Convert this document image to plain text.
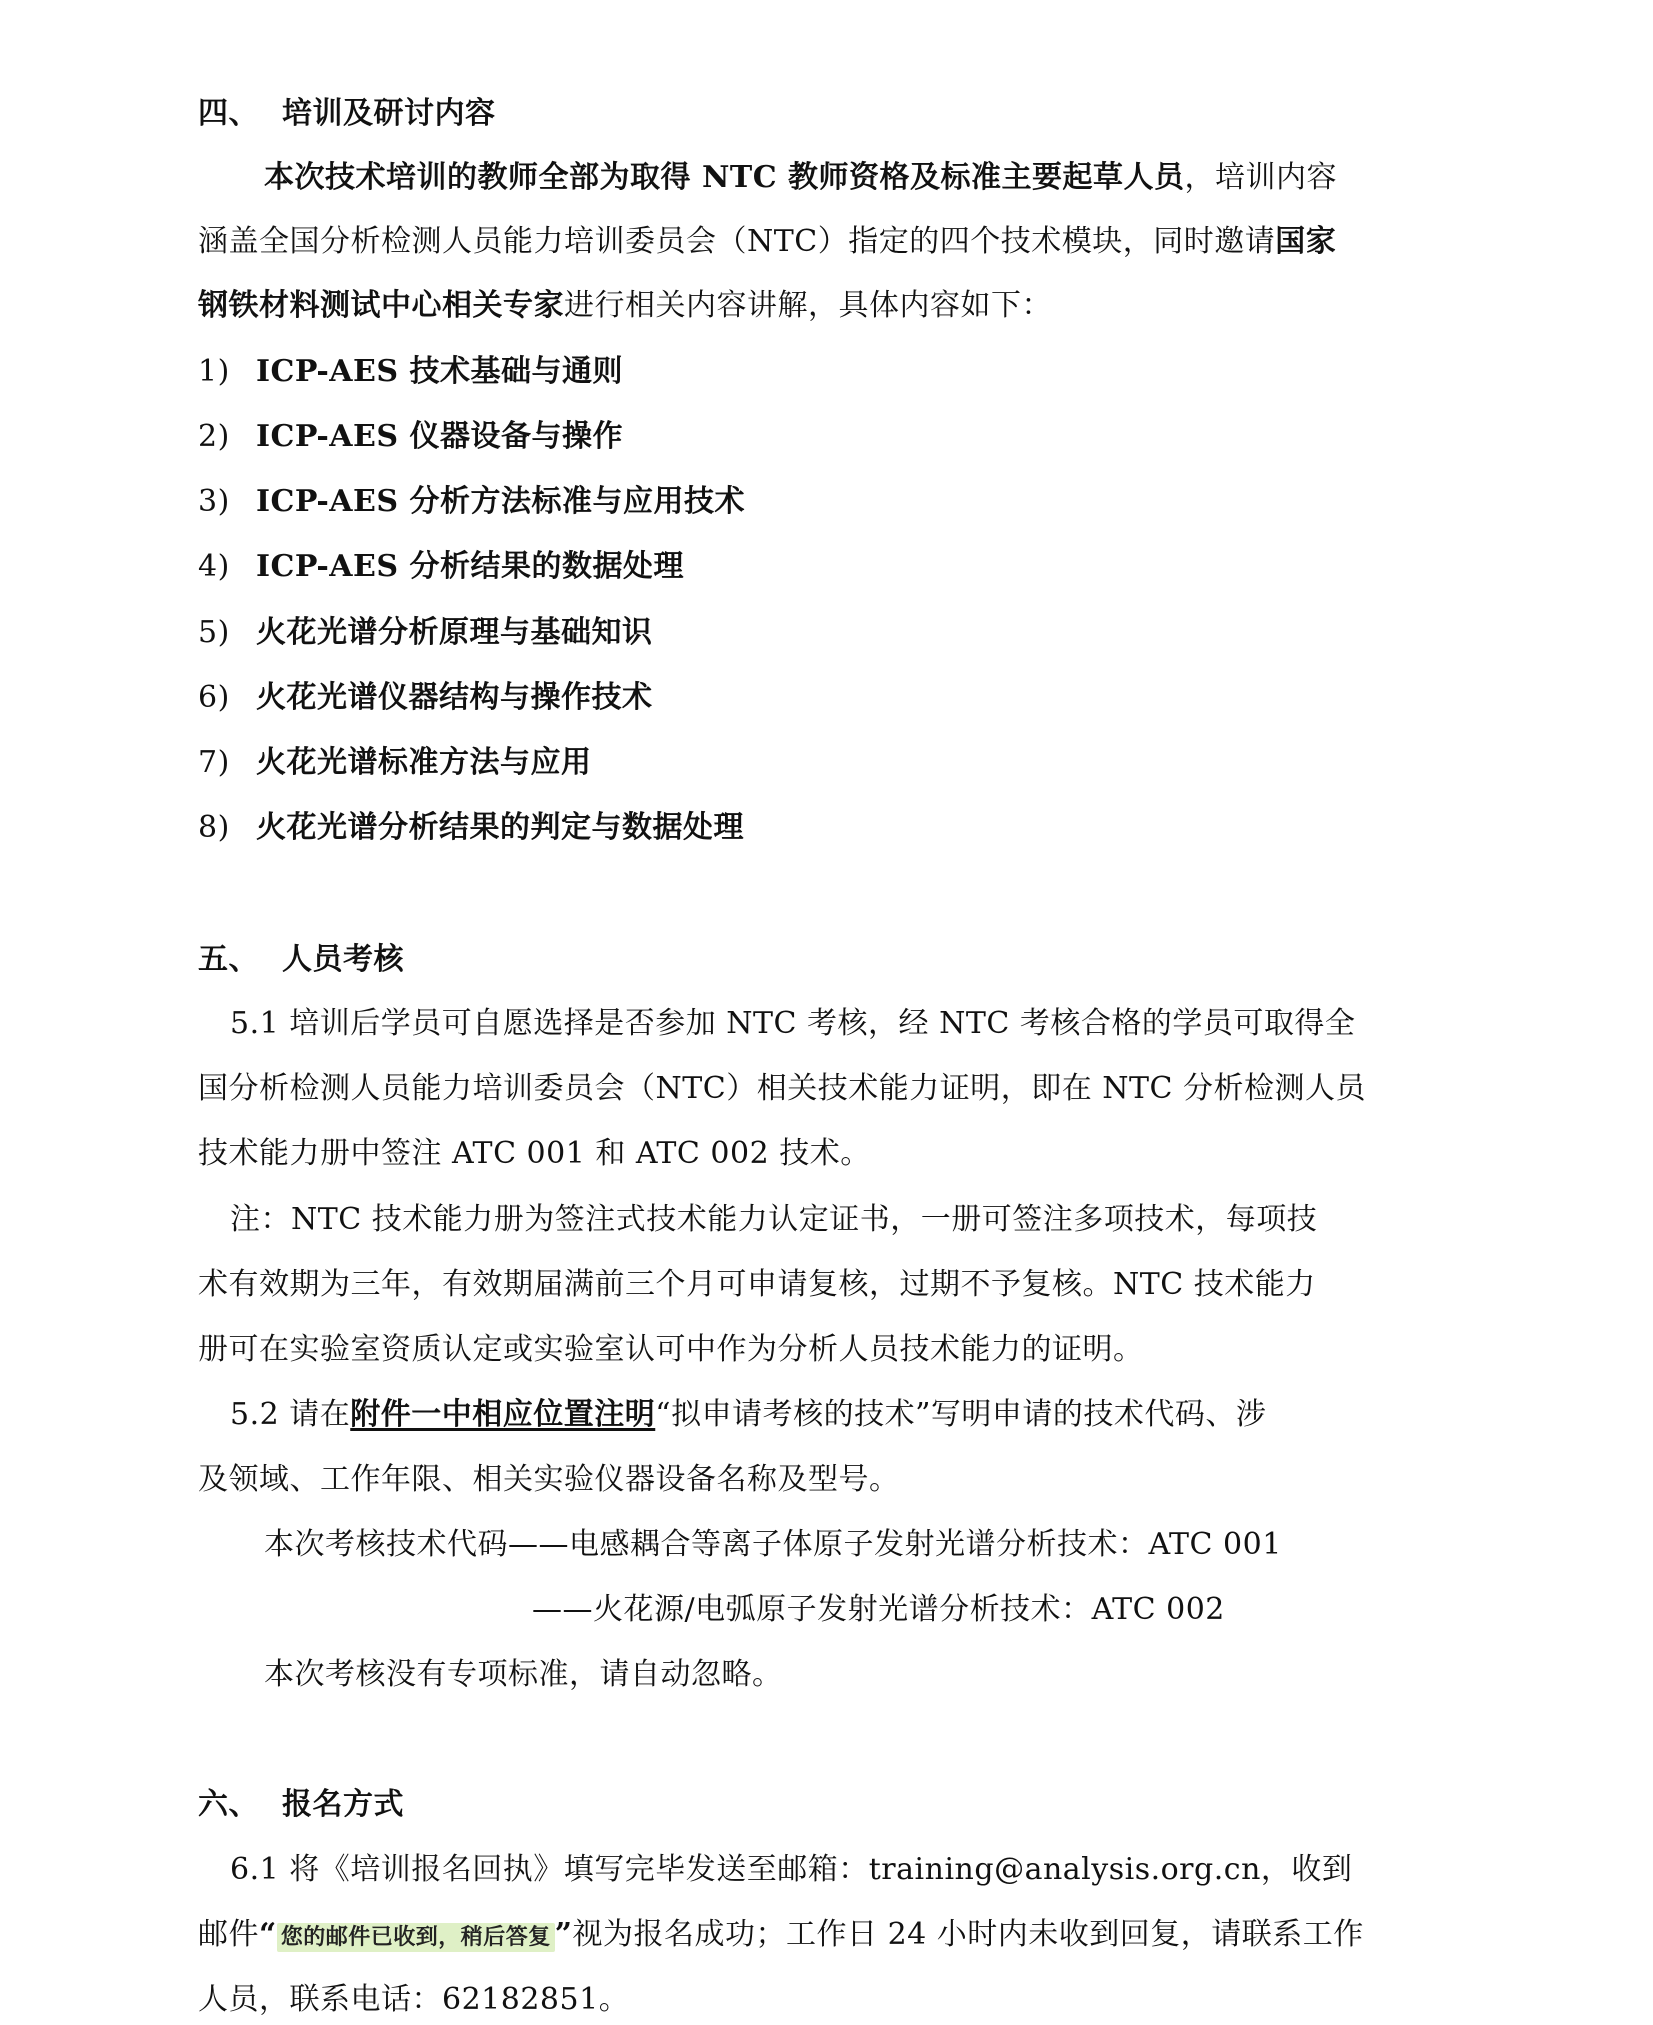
四、 培训及研讨内容
本次技术培训的教师全部为取得 NTC 教师资格及标准主要起草人员，培训内容
涵盖全国分析检测人员能力培训委员会（NTC）指定的四个技术模块，同时邀请国家
钢铁材料测试中心相关专家进行相关内容讲解，具体内容如下：
1) ICP-AES 技术基础与通则
2) ICP-AES 仪器设备与操作
3) ICP-AES 分析方法标准与应用技术
4) ICP-AES 分析结果的数据处理
5) 火花光谱分析原理与基础知识
6) 火花光谱仪器结构与操作技术
7) 火花光谱标准方法与应用
8) 火花光谱分析结果的判定与数据处理
五、 人员考核
5.1 培训后学员可自愿选择是否参加 NTC 考核，经 NTC 考核合格的学员可取得全
国分析检测人员能力培训委员会（NTC）相关技术能力证明，即在 NTC 分析检测人员
技术能力册中签注 ATC 001 和 ATC 002 技术。
注：NTC 技术能力册为签注式技术能力认定证书，一册可签注多项技术，每项技
术有效期为三年，有效期届满前三个月可申请复核，过期不予复核。NTC 技术能力
册可在实验室资质认定或实验室认可中作为分析人员技术能力的证明。
5.2 请在附件一中相应位置注明“拟申请考核的技术”写明申请的技术代码、涉
及领域、工作年限、相关实验仪器设备名称及型号。
本次考核技术代码——电感耦合等离子体原子发射光谱分析技术：ATC 001
——火花源/电弧原子发射光谱分析技术：ATC 002
本次考核没有专项标准，请自动忽略。
六、 报名方式
6.1 将《培训报名回执》填写完毕发送至邮箱：training@analysis.org.cn，收到
邮件“ 您的邮件已收到，稍后答复 ”视为报名成功；工作日 24 小时内未收到回复，请联系工作
人员，联系电话：62182851。
